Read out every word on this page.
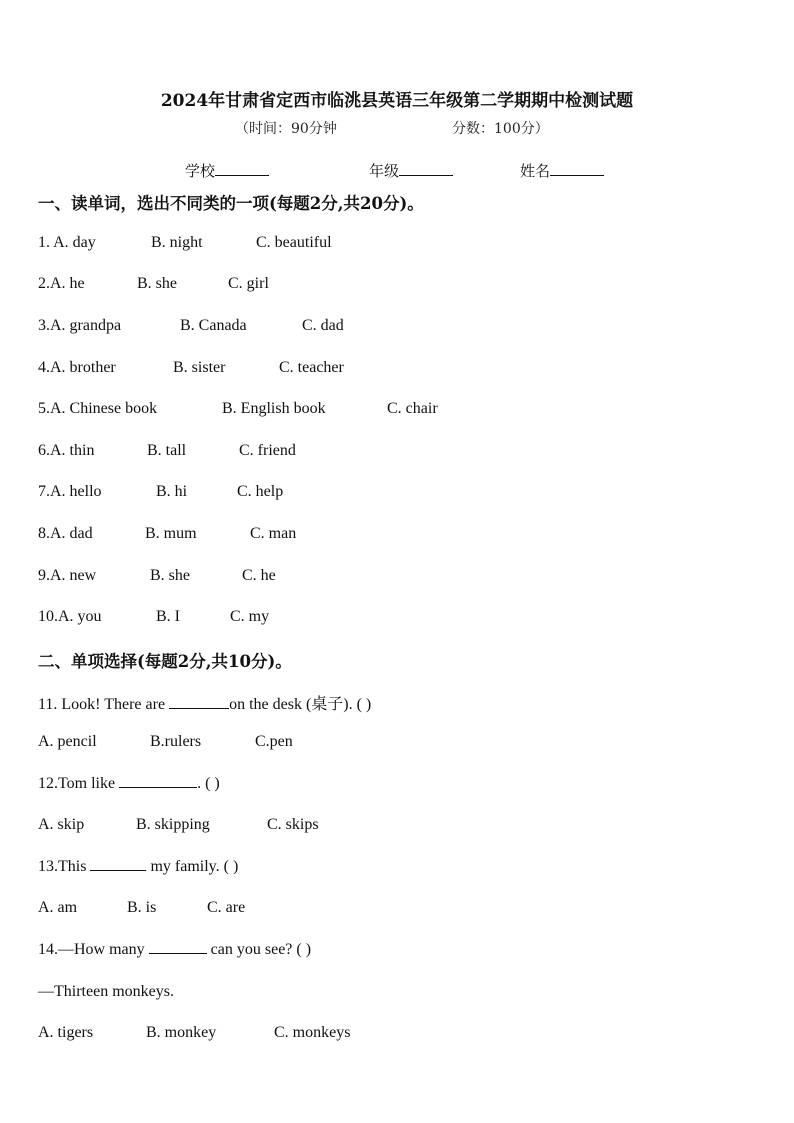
2024年甘肃省定西市临洮县英语三年级第二学期期中检测试题
（时间：90分钟	分数：100分）
学校	年级	姓名
一、读单词，选出不同类的一项(每题2分,共20分)。
1. A. day	B. night	C. beautiful
2.A. he	B. she	C. girl
3.A. grandpa	B. Canada	C. dad
4.A. brother	B. sister	C. teacher
5.A. Chinese book	B. English book	C. chair
6.A. thin	B. tall	C. friend
7.A. hello	B. hi	C. help
8.A. dad	B. mum	C. man
9.A. new	B. she	C. he
10.A. you	B. I	C. my
二、单项选择(每题2分,共10分)。
11. Look! There are	on the desk (桌子). ( )
A. pencil	B.rulers	C.pen
12.Tom like	. ( )
A. skip	B. skipping	C. skips
13.This	my family. ( )
A. am	B. is	C. are
14.—How many	can you see? ( )
—Thirteen monkeys.
A. tigers	B. monkey	C. monkeys
